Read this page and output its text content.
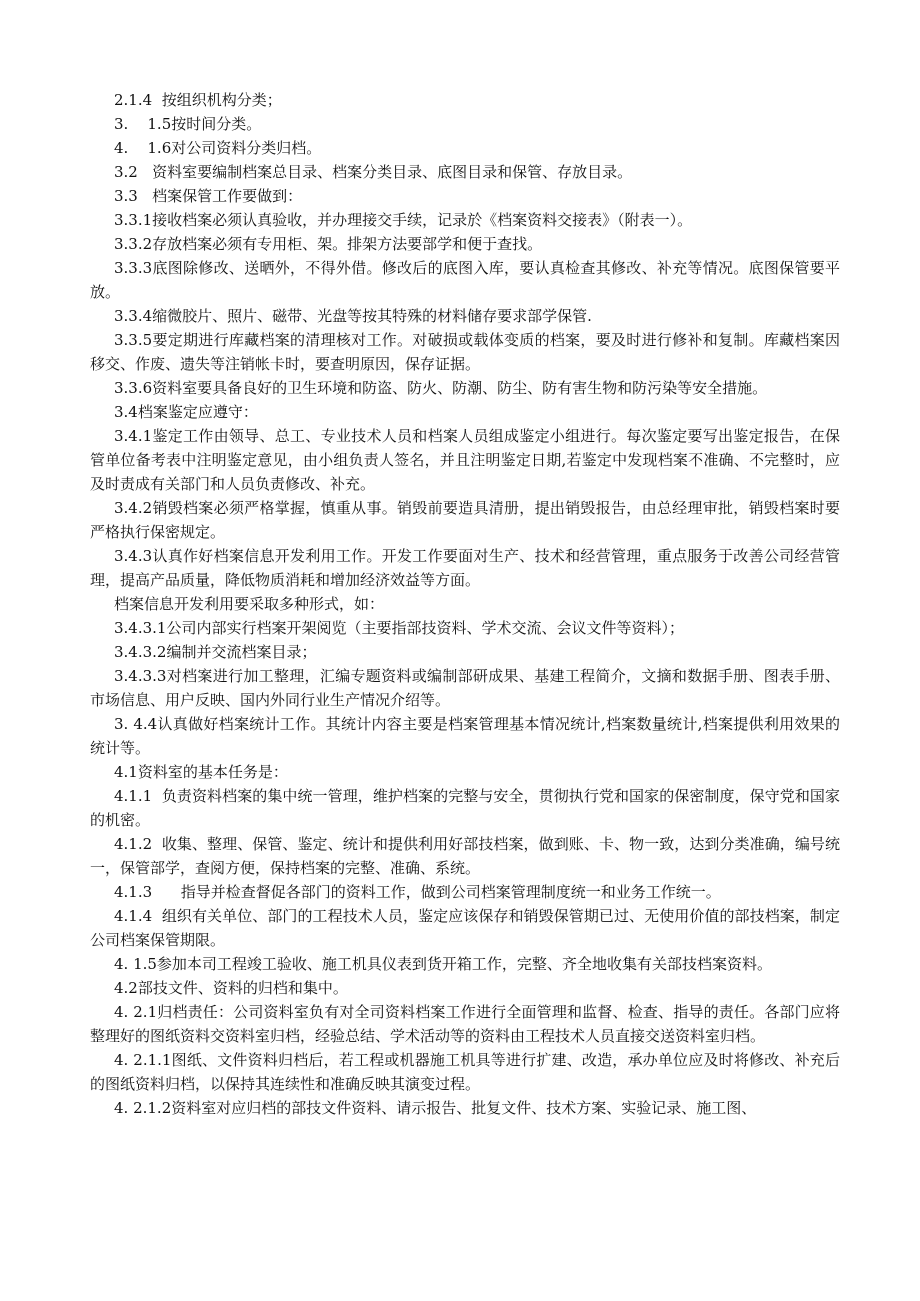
2.1.4  按组织机构分类；

3.    1.5按时间分类。

4.    1.6对公司资料分类归档。

3.2   资料室要编制档案总目录、档案分类目录、底图目录和保管、存放目录。

3.3   档案保管工作要做到：

3.3.1接收档案必须认真验收，并办理接交手续，记录於《档案资料交接表》（附表一）。

3.3.2存放档案必须有专用柜、架。排架方法要部学和便于查找。

3.3.3底图除修改、送晒外，不得外借。修改后的底图入库，要认真检查其修改、补充等情况。底图保管要平放。

3.3.4缩微胶片、照片、磁带、光盘等按其特殊的材料储存要求部学保管.

3.3.5要定期进行库藏档案的清理核对工作。对破损或载体变质的档案，要及时进行修补和复制。库藏档案因移交、作废、遗失等注销帐卡时，要查明原因，保存证据。

3.3.6资料室要具备良好的卫生环境和防盗、防火、防潮、防尘、防有害生物和防污染等安全措施。

3.4档案鉴定应遵守：

3.4.1鉴定工作由领导、总工、专业技术人员和档案人员组成鉴定小组进行。每次鉴定要写出鉴定报告，在保管单位备考表中注明鉴定意见，由小组负责人签名，并且注明鉴定日期,若鉴定中发现档案不准确、不完整时，应及时责成有关部门和人员负责修改、补充。

3.4.2销毁档案必须严格掌握，慎重从事。销毁前要造具清册，提出销毁报告，由总经理审批，销毁档案时要严格执行保密规定。

3.4.3认真作好档案信息开发利用工作。开发工作要面对生产、技术和经营管理，重点服务于改善公司经营管理，提高产品质量，降低物质消耗和增加经济效益等方面。

档案信息开发利用要采取多种形式，如：

3.4.3.1公司内部实行档案开架阅览（主要指部技资料、学术交流、会议文件等资料）；

3.4.3.2编制并交流档案目录；

3.4.3.3对档案进行加工整理，汇编专题资料或编制部研成果、基建工程简介，文摘和数据手册、图表手册、市场信息、用户反映、国内外同行业生产情况介绍等。

3. 4.4认真做好档案统计工作。其统计内容主要是档案管理基本情况统计,档案数量统计,档案提供利用效果的统计等。

4.1资料室的基本任务是：

4.1.1  负责资料档案的集中统一管理，维护档案的完整与安全，贯彻执行党和国家的保密制度，保守党和国家的机密。

4.1.2  收集、整理、保管、鉴定、统计和提供利用好部技档案，做到账、卡、物一致，达到分类准确，编号统一，保管部学，查阅方便，保持档案的完整、准确、系统。

4.1.3      指导并检查督促各部门的资料工作，做到公司档案管理制度统一和业务工作统一。

4.1.4  组织有关单位、部门的工程技术人员，鉴定应该保存和销毁保管期已过、无使用价值的部技档案，制定公司档案保管期限。

4. 1.5参加本司工程竣工验收、施工机具仪表到货开箱工作，完整、齐全地收集有关部技档案资料。

4.2部技文件、资料的归档和集中。

4. 2.1归档责任：公司资料室负有对全司资料档案工作进行全面管理和监督、检查、指导的责任。各部门应将整理好的图纸资料交资料室归档，经验总结、学术活动等的资料由工程技术人员直接交送资料室归档。

4. 2.1.1图纸、文件资料归档后，若工程或机器施工机具等进行扩建、改造，承办单位应及时将修改、补充后的图纸资料归档，以保持其连续性和准确反映其演变过程。

4. 2.1.2资料室对应归档的部技文件资料、请示报告、批复文件、技术方案、实验记录、施工图、
